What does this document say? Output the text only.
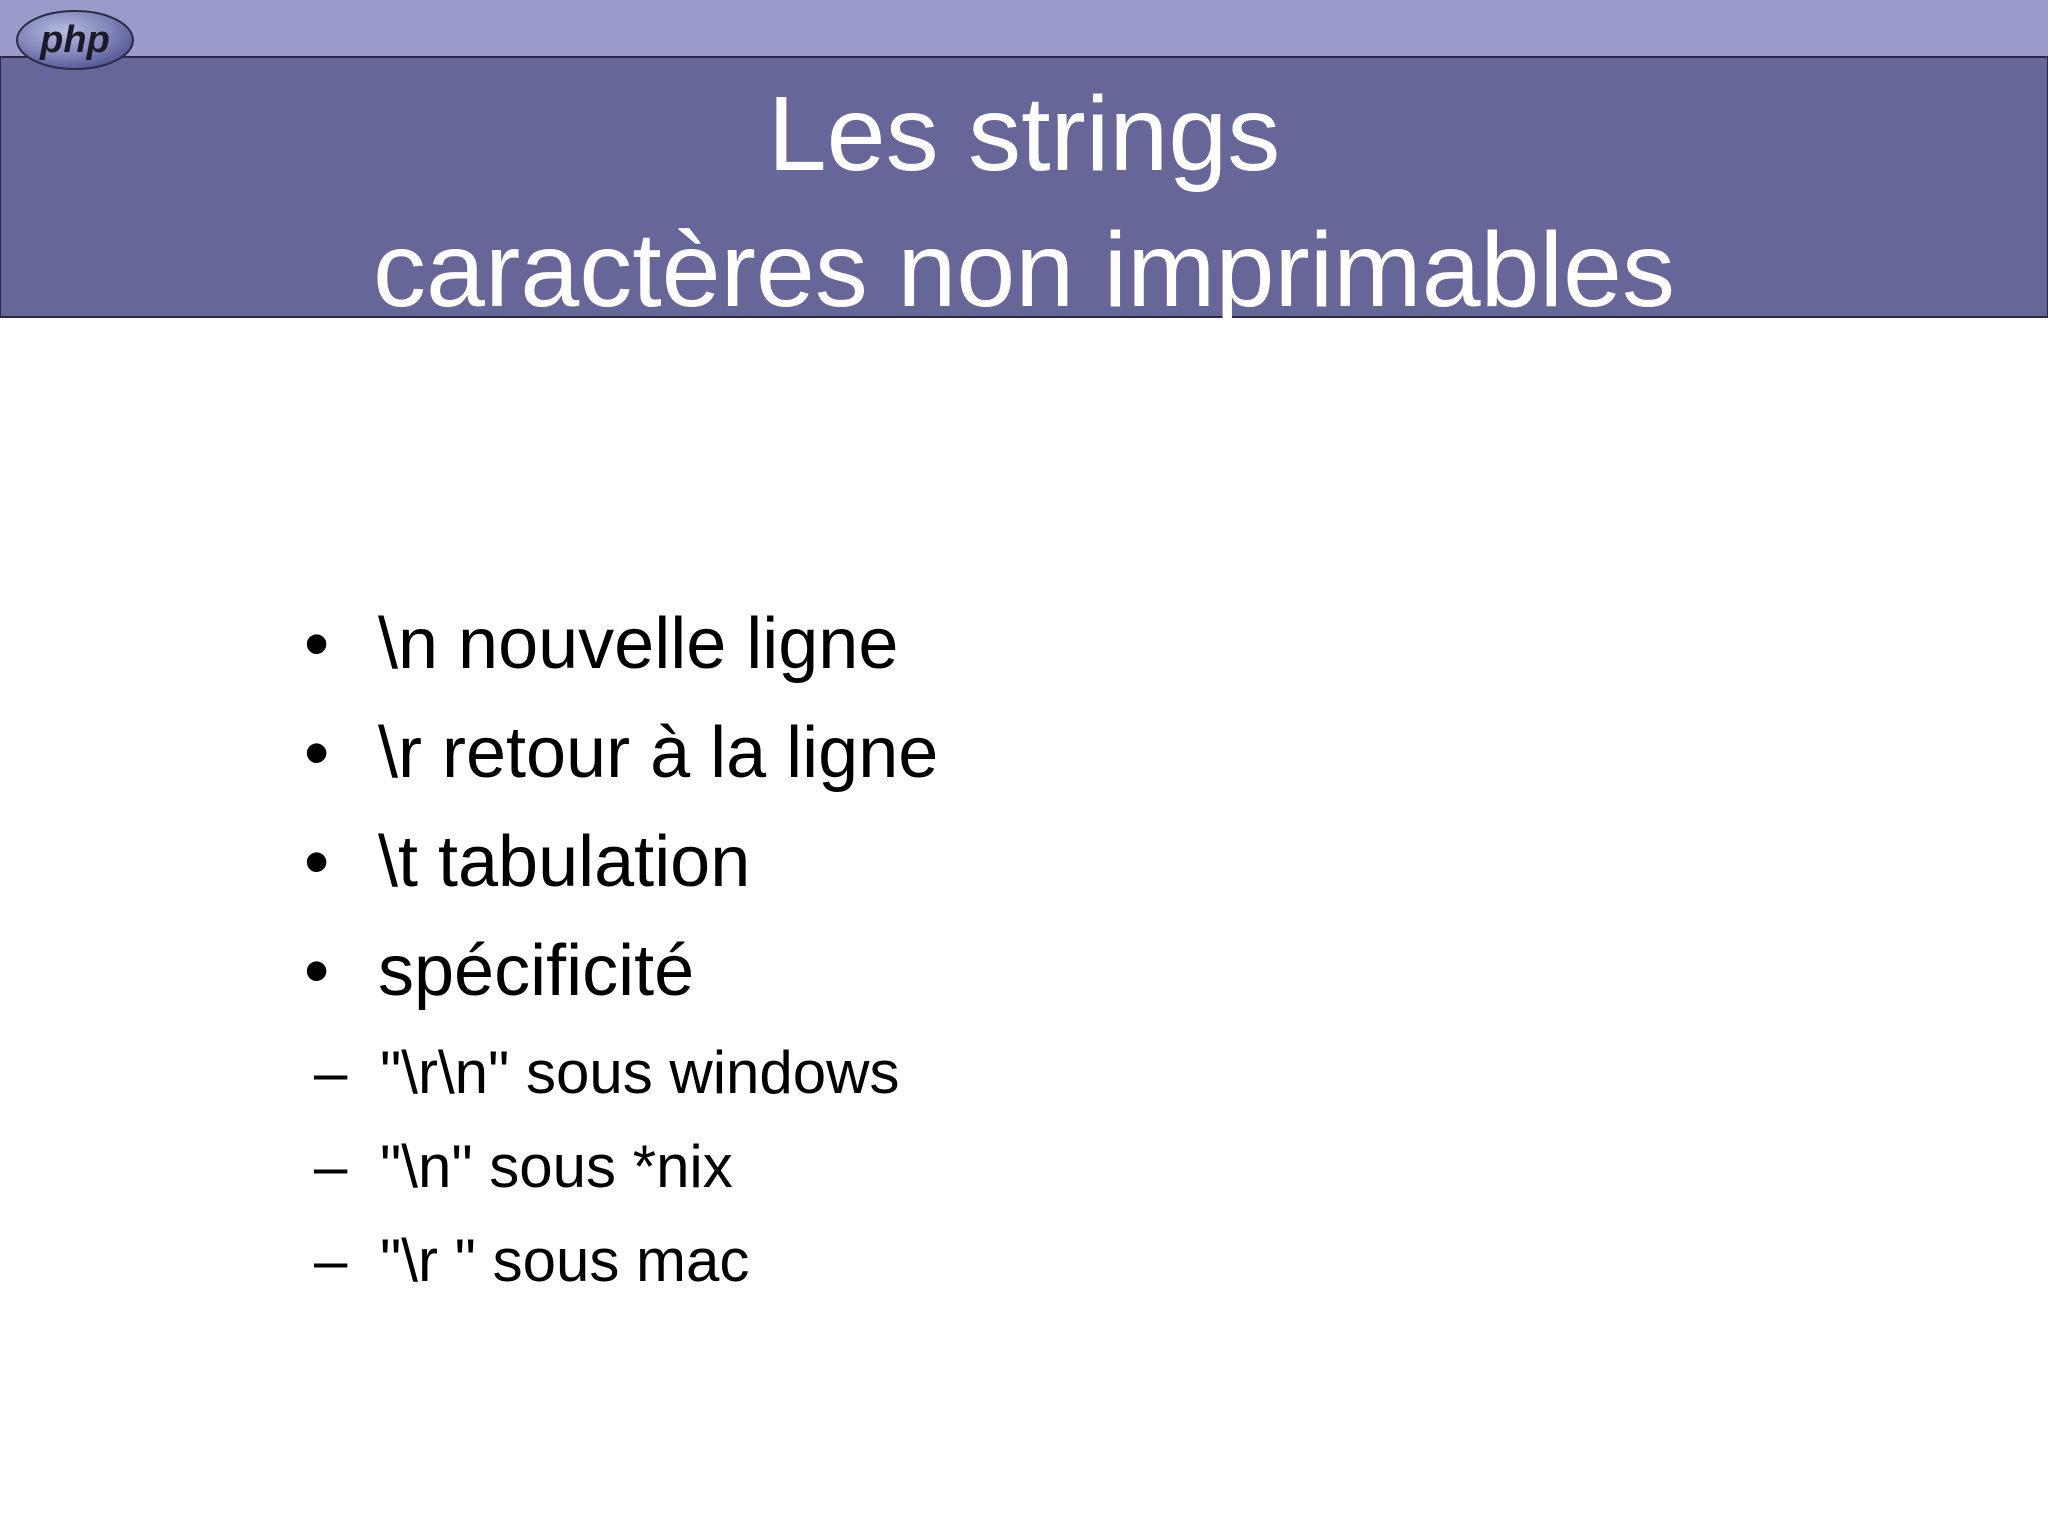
php
Les strings
caractères non imprimables
• \n nouvelle ligne
• \r retour à la ligne
• \t tabulation
• spécificité
– "\r\n" sous windows
– "\n" sous *nix
– "\r " sous mac
